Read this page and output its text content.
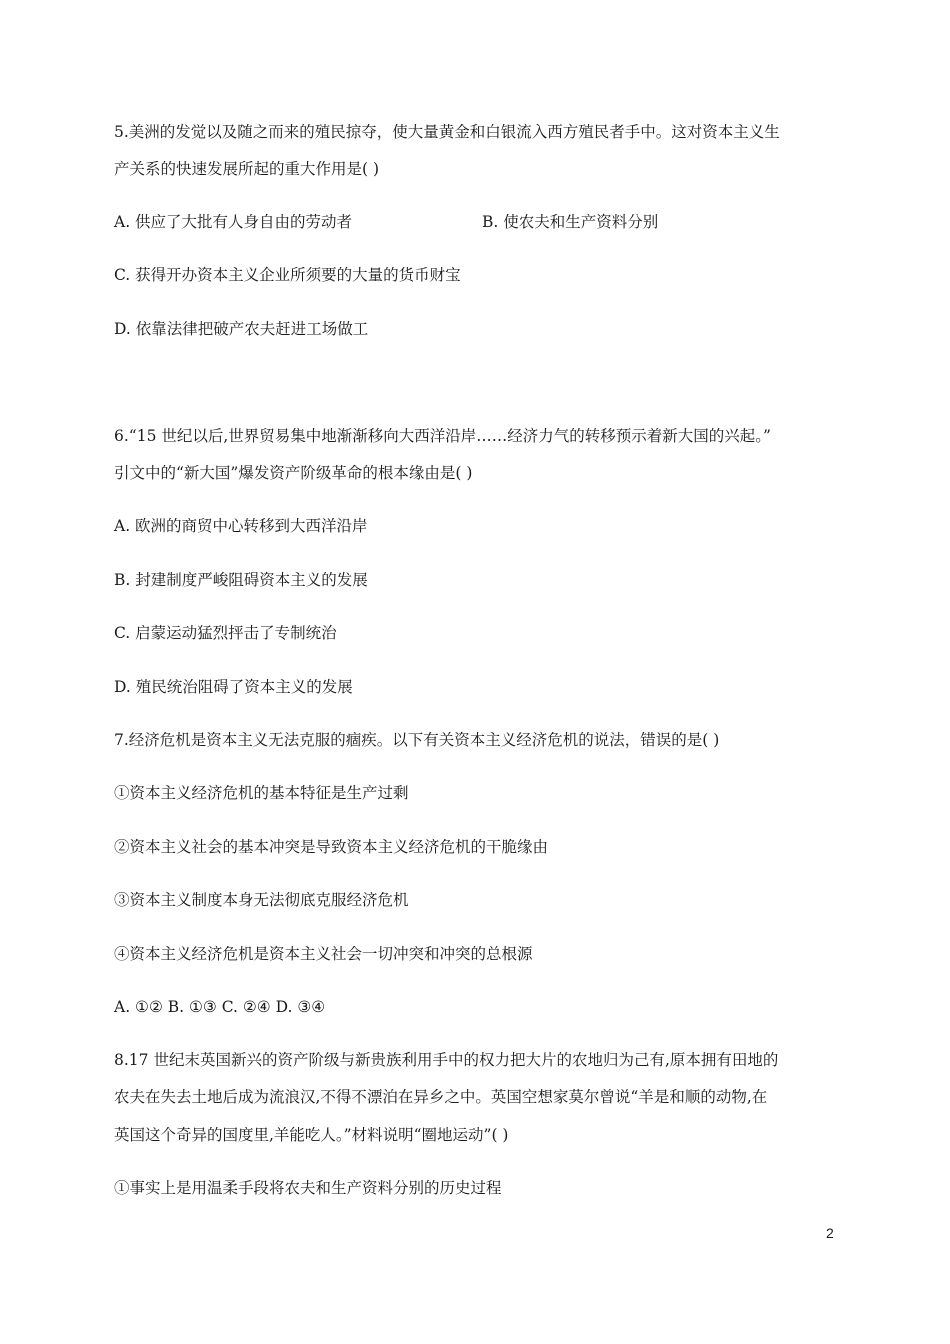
5.美洲的发觉以及随之而来的殖民掠夺，使大量黄金和白银流入西方殖民者手中。这对资本主义生
产关系的快速发展所起的重大作用是( )
A. 供应了大批有人身自由的劳动者	B. 使农夫和生产资料分别
C. 获得开办资本主义企业所须要的大量的货币财宝
D. 依靠法律把破产农夫赶进工场做工
6.“15 世纪以后,世界贸易集中地渐渐移向大西洋沿岸……经济力气的转移预示着新大国的兴起。”
引文中的“新大国”爆发资产阶级革命的根本缘由是( )
A. 欧洲的商贸中心转移到大西洋沿岸
B. 封建制度严峻阻碍资本主义的发展
C. 启蒙运动猛烈抨击了专制统治
D. 殖民统治阻碍了资本主义的发展
7.经济危机是资本主义无法克服的痼疾。以下有关资本主义经济危机的说法，错误的是( )
①资本主义经济危机的基本特征是生产过剩
②资本主义社会的基本冲突是导致资本主义经济危机的干脆缘由
③资本主义制度本身无法彻底克服经济危机
④资本主义经济危机是资本主义社会一切冲突和冲突的总根源
A. ①② B. ①③ C. ②④ D. ③④
8.17 世纪末英国新兴的资产阶级与新贵族利用手中的权力把大片的农地归为己有,原本拥有田地的
农夫在失去土地后成为流浪汉,不得不漂泊在异乡之中。英国空想家莫尔曾说“羊是和顺的动物,在
英国这个奇异的国度里,羊能吃人。”材料说明“圈地运动”( )
①事实上是用温柔手段将农夫和生产资料分别的历史过程
2
